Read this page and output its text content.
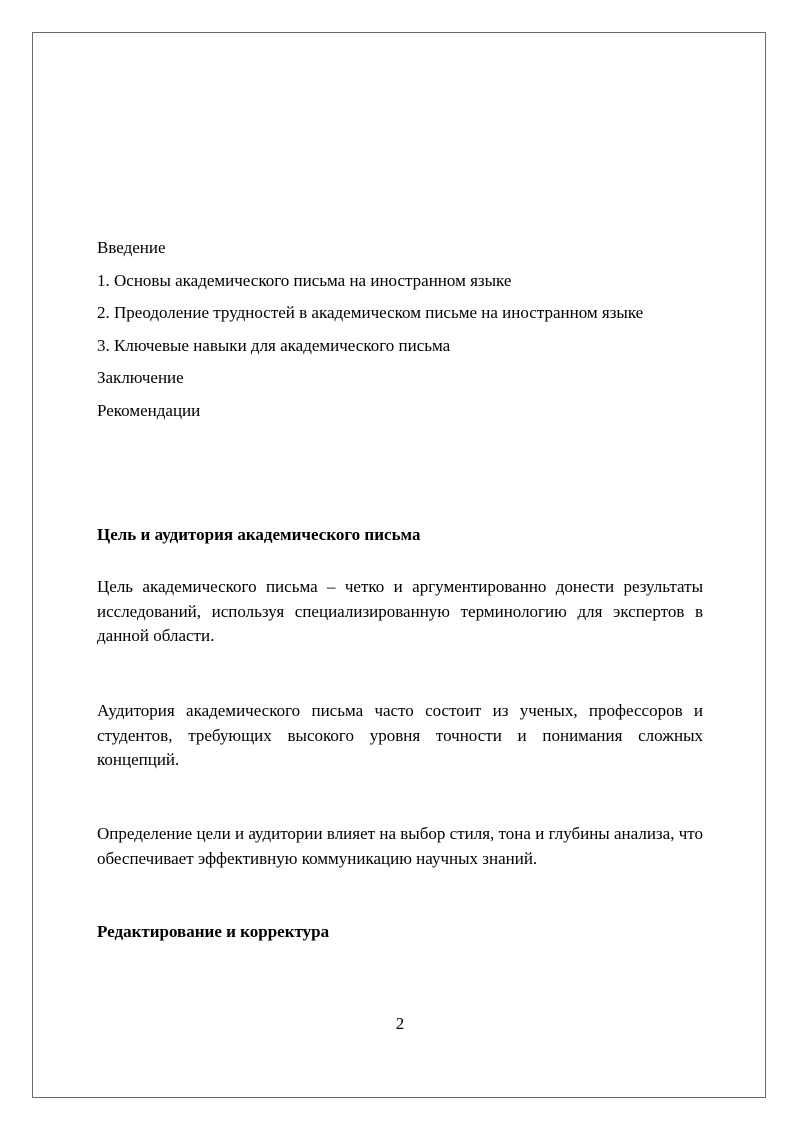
Введение
1. Основы академического письма на иностранном языке
2. Преодоление трудностей в академическом письме на иностранном языке
3. Ключевые навыки для академического письма
Заключение
Рекомендации
Цель и аудитория академического письма
Цель академического письма – четко и аргументированно донести результаты исследований, используя специализированную терминологию для экспертов в данной области.
Аудитория академического письма часто состоит из ученых, профессоров и студентов, требующих высокого уровня точности и понимания сложных концепций.
Определение цели и аудитории влияет на выбор стиля, тона и глубины анализа, что обеспечивает эффективную коммуникацию научных знаний.
Редактирование и корректура
2
